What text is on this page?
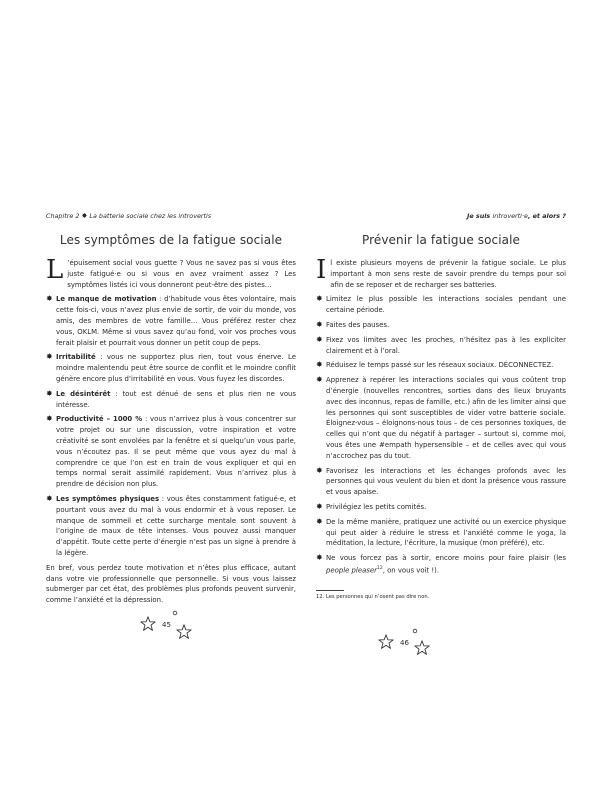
Chapitre 2 ✸ La batterie sociale chez les introvertis
Les symptômes de la fatigue sociale
L ’épuisement social vous guette ? Vous ne savez pas si vous êtes juste fatigué·e ou si vous en avez vraiment assez ? Les symptômes listés ici vous donneront peut-être des pistes…

✸ Le manque de motivation : d’habitude vous êtes volontaire, mais cette fois-ci, vous n’avez plus envie de sortir, de voir du monde, vos amis, des membres de votre famille… Vous préférez rester chez vous, OKLM. Même si vous savez qu’au fond, voir vos proches vous ferait plaisir et pourrait vous donner un petit coup de peps.

✸ Irritabilité : vous ne supportez plus rien, tout vous énerve. Le moindre malentendu peut être source de conflit et le moindre conflit génère encore plus d’irritabilité en vous. Vous fuyez les discordes.

✸ Le désintérêt : tout est dénué de sens et plus rien ne vous intéresse.

✸ Productivité – 1000 % : vous n’arrivez plus à vous concentrer sur votre projet ou sur une discussion, votre inspiration et votre créativité se sont envolées par la fenêtre et si quelqu’un vous parle, vous n’écoutez pas. Il se peut même que vous ayez du mal à comprendre ce que l’on est en train de vous expliquer et qui en temps normal serait assimilé rapidement. Vous n’arrivez plus à prendre de décision non plus.

✸ Les symptômes physiques : vous êtes constamment fatigué·e, et pourtant vous avez du mal à vous endormir et à vous reposer. Le manque de sommeil et cette surcharge mentale sont souvent à l’origine de maux de tête intenses. Vous pouvez aussi manquer d’appétit. Toute cette perte d’énergie n’est pas un signe à prendre à la légère.

En bref, vous perdez toute motivation et n’êtes plus efficace, autant dans votre vie professionnelle que personnelle. Si vous vous laissez submerger par cet état, des problèmes plus profonds peuvent survenir, comme l’anxiété et la dépression.

45
Je suis introverti·e, et alors ?
Prévenir la fatigue sociale
I l existe plusieurs moyens de prévenir la fatigue sociale. Le plus important à mon sens reste de savoir prendre du temps pour soi afin de se reposer et de recharger ses batteries.

✸ Limitez le plus possible les interactions sociales pendant une certaine période.

✸ Faites des pauses.

✸ Fixez vos limites avec les proches, n’hésitez pas à les expliciter clairement et à l’oral.

✸ Réduisez le temps passé sur les réseaux sociaux. DÉCONNECTEZ.

✸ Apprenez à repérer les interactions sociales qui vous coûtent trop d’énergie (nouvelles rencontres, sorties dans des lieux bruyants avec des inconnus, repas de famille, etc.) afin de les limiter ainsi que les personnes qui sont susceptibles de vider votre batterie sociale. Éloignez-vous – éloignons-nous tous – de ces personnes toxiques, de celles qui n’ont que du négatif à partager – surtout si, comme moi, vous êtes une #empath hypersensible – et de celles avec qui vous n’accrochez pas du tout.

✸ Favorisez les interactions et les échanges profonds avec les personnes qui vous veulent du bien et dont la présence vous rassure et vous apaise.

✸ Privilégiez les petits comités.

✸ De la même manière, pratiquez une activité ou un exercice physique qui peut aider à réduire le stress et l’anxiété comme le yoga, la méditation, la lecture, l’écriture, la musique (mon préféré), etc.

✸ Ne vous forcez pas à sortir, encore moins pour faire plaisir (les people pleaser$^{12}$, on vous voit !).

12. Les personnes qui n’osent pas dire non.
46
